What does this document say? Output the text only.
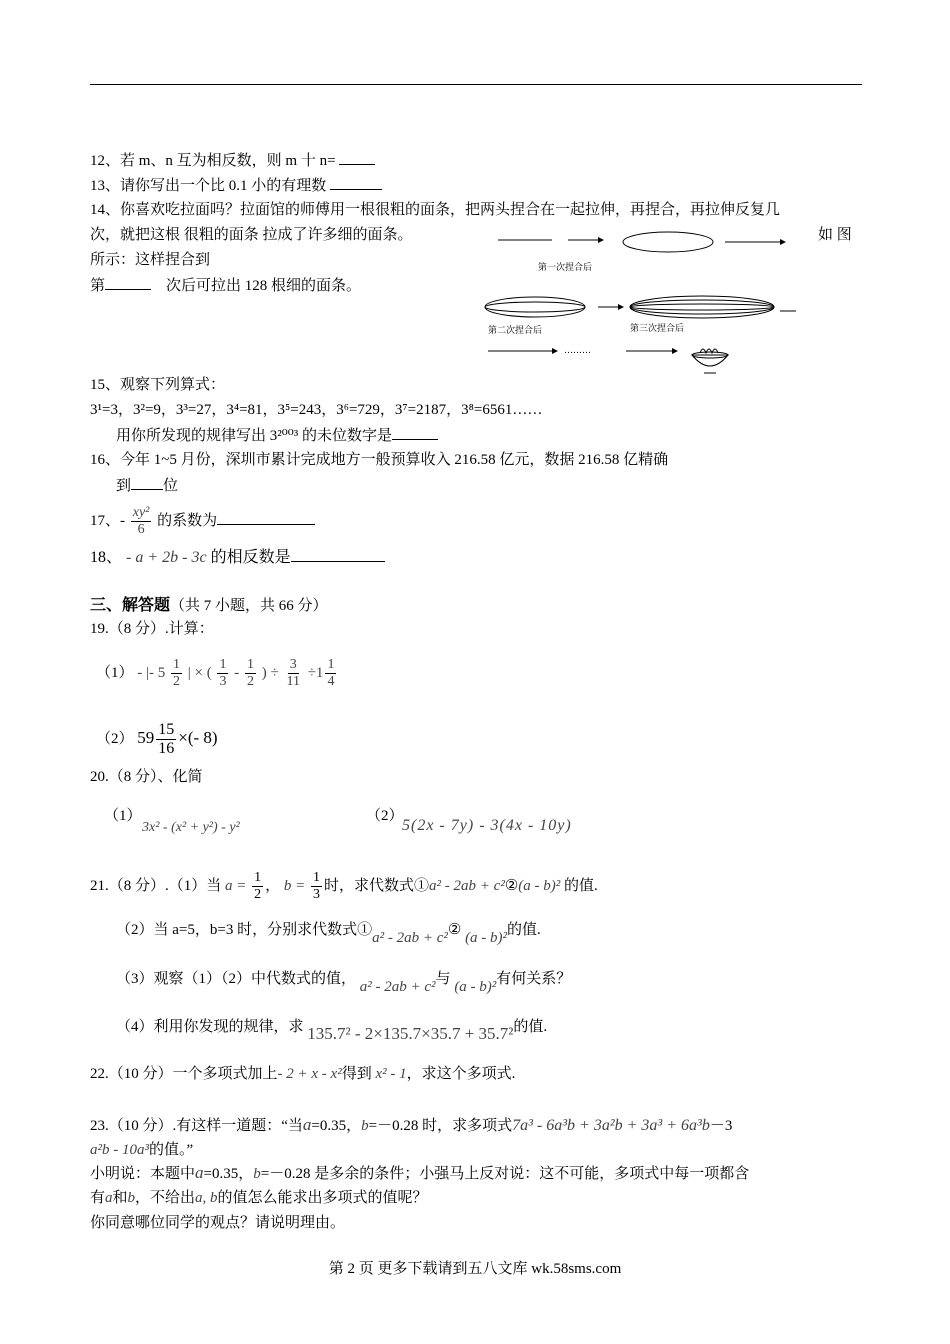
12、若 m、n 互为相反数，则 m 十 n=
13、请你写出一个比 0.1 小的有理数
14、你喜欢吃拉面吗？拉面馆的师傅用一根很粗的面条，把两头捏合在一起拉伸，再捏合，再拉伸反复几
次，就把这根 很粗的面条 拉成了许多细的面条。	如 图
所示：这样捏合到
第	次后可拉出 128 根细的面条。
第一次捏合后
第二次捏合后	第三次捏合后
………
15、观察下列算式：
3¹=3，3²=9，3³=27，3⁴=81，3⁵=243，3⁶=729，3⁷=2187，3⁸=6561……
用你所发现的规律写出 3²⁰⁰³ 的未位数字是
16、今年 1~5 月份，深圳市累计完成地方一般预算收入 216.58 亿元，数据 216.58 亿精确
到 位
17、- $\frac{\text{xy²}}{6}$ 的系数为
18、 - a + 2b - 3c 的相反数是
三、解答题（共 7 小题，共 66 分）
19.（8 分）.计算：
（1） - |- $5 \frac{1}{2}$ | × ( $\frac{1}{3} - \frac{1}{2}$ ) ÷ $\frac{3}{11} \div 1 \frac{1}{4}$
（2） $59 \frac{15}{16}$ ×(- 8)
20.（8 分）、化简
（1）
3x² - (x² + y²) - y²
（2）
5(2x - 7y) - 3(4x - 10y)
21.（8 分）.（1）当 $a = \frac{1}{2}$ ， $b = \frac{1}{3}$ 时，求代数式①a² - 2ab + c²②(a - b)² 的值.
（2）当 a=5，b=3 时，分别求代数式①a² - 2ab + c²② (a - b)²的值.
（3）观察（1）（2）中代数式的值， a² - 2ab + c²与 (a - b)²有何关系？
（4）利用你发现的规律，求 135.7² - 2×135.7×35.7 + 35.7²的值.
22.（10 分）一个多项式加上- 2 + x - x²得到 x² - 1，求这个多项式.
23.（10 分）.有这样一道题：“当a=0.35，b=－0.28 时，求多项式7a³ - 6a³b + 3a²b + 3a³ + 6a³b－3
a²b - 10a³的值。”
小明说：本题中a=0.35，b=－0.28 是多余的条件；小强马上反对说：这不可能，多项式中每一项都含
有a和b，不给出a, b的值怎么能求出多项式的值呢？
你同意哪位同学的观点？请说明理由。
第 2 页 更多下载请到五八文库 wk.58sms.com
